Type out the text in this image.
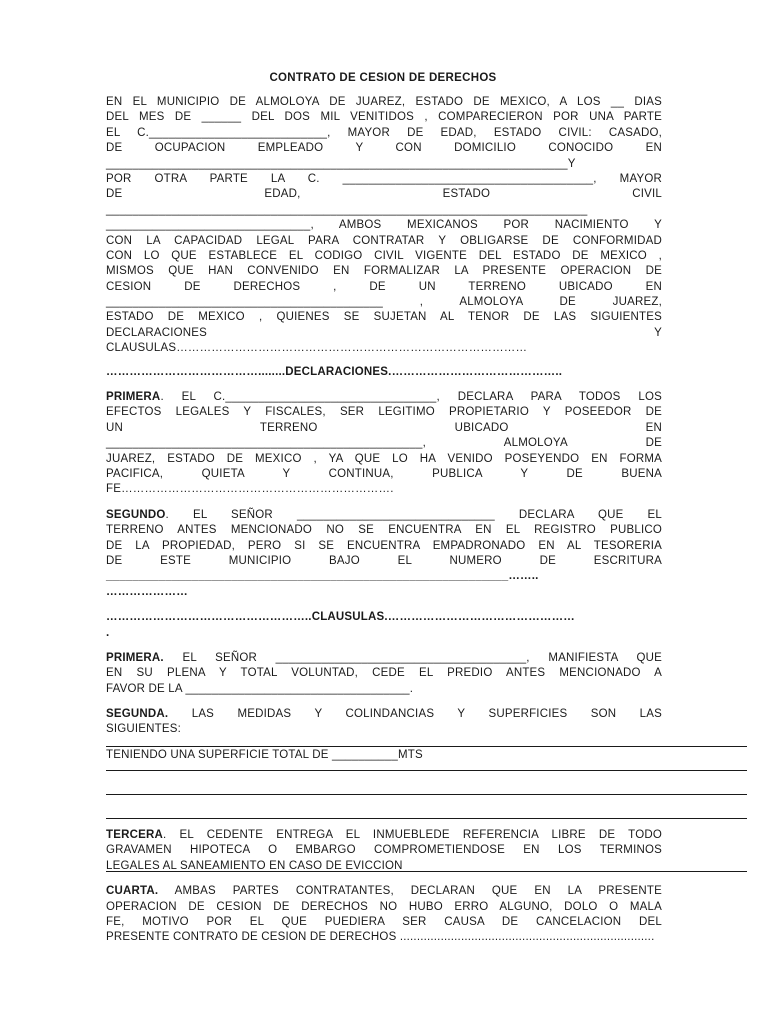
CONTRATO DE CESION DE DERECHOS
EN EL MUNICIPIO DE ALMOLOYA DE JUAREZ, ESTADO DE MEXICO, A LOS __ DIAS
DEL MES DE ______ DEL DOS MIL VENITIDOS , COMPARECIERON POR UNA PARTE
EL C.___________________________, MAYOR DE EDAD, ESTADO CIVIL: CASADO,
DE OCUPACION EMPLEADO Y CON DOMICILIO CONOCIDO EN
______________________________________________________________________Y
POR OTRA PARTE LA C. ______________________________________, MAYOR
DE EDAD, ESTADO CIVIL
_________________________________________________________________________
_______________________________, AMBOS MEXICANOS POR NACIMIENTO Y
CON LA CAPACIDAD LEGAL PARA CONTRATAR Y OBLIGARSE DE CONFORMIDAD
CON LO QUE ESTABLECE EL CODIGO CIVIL VIGENTE DEL ESTADO DE MEXICO ,
MISMOS QUE HAN CONVENIDO EN FORMALIZAR LA PRESENTE OPERACION DE
CESION DE DERECHOS , DE UN TERRENO UBICADO EN
__________________________________________ , ALMOLOYA DE JUAREZ,
ESTADO DE MEXICO , QUIENES SE SUJETAN AL TENOR DE LAS SIGUIENTES
DECLARACIONES Y
CLAUSULAS………………………………………………………………………………
…………………………………........DECLARACIONES.……………………………………..
PRIMERA. EL C.________________________________, DECLARA PARA TODOS LOS
EFECTOS LEGALES Y FISCALES, SER LEGITIMO PROPIETARIO Y POSEEDOR DE
UN TERRENO UBICADO EN
________________________________________________, ALMOLOYA DE
JUAREZ, ESTADO DE MEXICO , YA QUE LO HA VENIDO POSEYENDO EN FORMA
PACIFICA, QUIETA Y CONTINUA, PUBLICA Y DE BUENA
FE…………………………………………………………….
SEGUNDO. EL SEÑOR ______________________________ DECLARA QUE EL
TERRENO ANTES MENCIONADO NO SE ENCUENTRA EN EL REGISTRO PUBLICO
DE LA PROPIEDAD, PERO SI SE ENCUENTRA EMPADRONADO EN AL TESORERIA
DE ESTE MUNICIPIO BAJO EL NUMERO DE ESCRITURA
_____________________________________________________________……..
…………………
……………………………………………..CLAUSULAS.…………………………………………
.
PRIMERA. EL SEÑOR ______________________________________, MANIFIESTA QUE
EN SU PLENA Y TOTAL VOLUNTAD, CEDE EL PREDIO ANTES MENCIONADO A
FAVOR DE LA __________________________________.
SEGUNDA. LAS MEDIDAS Y COLINDANCIAS Y SUPERFICIES SON LAS
SIGUIENTES:
TENIENDO UNA SUPERFICIE TOTAL DE __________MTS
TERCERA. EL CEDENTE ENTREGA EL INMUEBLEDE REFERENCIA LIBRE DE TODO
GRAVAMEN HIPOTECA O EMBARGO COMPROMETIENDOSE EN LOS TERMINOS
LEGALES AL SANEAMIENTO EN CASO DE EVICCION
CUARTA. AMBAS PARTES CONTRATANTES, DECLARAN QUE EN LA PRESENTE
OPERACION DE CESION DE DERECHOS NO HUBO ERRO ALGUNO, DOLO O MALA
FE, MOTIVO POR EL QUE PUEDIERA SER CAUSA DE CANCELACION DEL
PRESENTE CONTRATO DE CESION DE DERECHOS ...........................................................................
